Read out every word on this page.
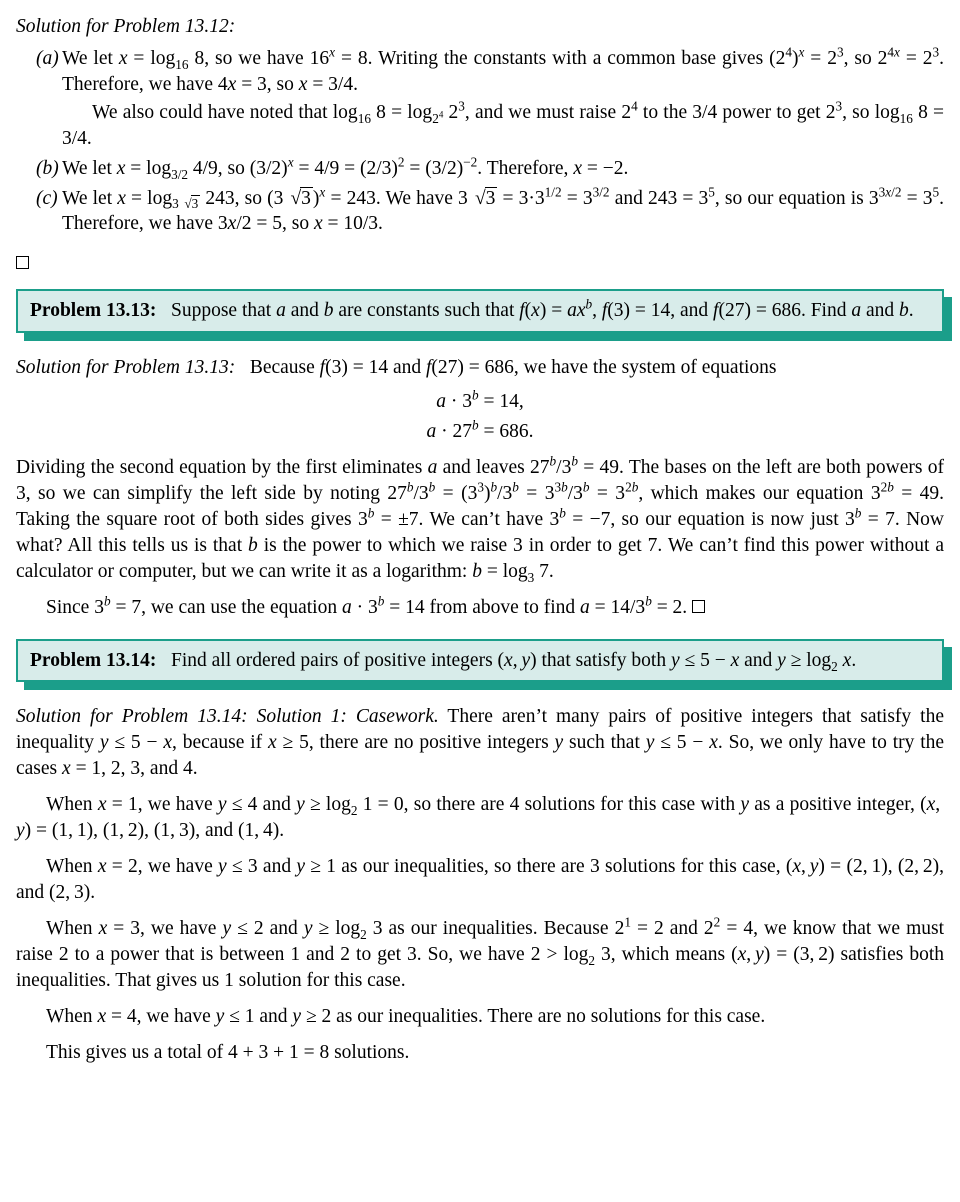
Solution for Problem 13.12:
(a) We let $x = \log_{16} 8$, so we have $16^x = 8$. Writing the constants with a common base gives $(2^4)^x = 2^3$, so $2^{4x} = 2^3$. Therefore, we have 4x = 3, so x = 3/4.

We also could have noted that $\log_{16} 8 = \log_{2^4} 2^3$, and we must raise $2^4$ to the 3/4 power to get $2^3$, so $\log_{16} 8 = 3/4$.

(b) We let $x = \log_{3/2} 4/9$, so $(3/2)^x = 4/9 = (2/3)^2 = (3/2)^{-2}$. Therefore, x = −2.

(c) We let $x = \log_{3 √3} 243$, so (3 √3 )$^x$ = 243. We have 3 $√3 = 3\cdot 3^{1/2} = 3^{3/2}$ and $243 = 3^5$, so our equation is $3^{3x/2} = 3^5$. Therefore, we have 3x/2 = 5, so x = 10/3.

Problem 13.13:   Suppose that a and b are constants such that $f(x) = ax^b$, f(3) = 14, and f(27) = 686. Find a and b.
Solution for Problem 13.13:   Because f(3) = 14 and f(27) = 686, we have the system of equations
$a \cdot 3^b = 14$,
$a \cdot 27^b = 686$.
Dividing the second equation by the first eliminates a and leaves $27^b/3^b = 49$. The bases on the left are both powers of 3, so we can simplify the left side by noting $27^b/3^b = (3^3)^b/3^b = 3^{3b}/3^b = 3^{2b}$, which makes our equation $3^{2b} = 49$. Taking the square root of both sides gives $3^b = \pm 7$. We can’t have $3^b = -7$, so our equation is now just $3^b = 7$. Now what? All this tells us is that b is the power to which we raise 3 in order to get 7. We can’t find this power without a calculator or computer, but we can write it as a logarithm: $b = \log_3 7$.
Since $3^b = 7$, we can use the equation $a \cdot 3^b = 14$ from above to find $a = 14/3^b = 2$.
Problem 13.14:   Find all ordered pairs of positive integers (x, y) that satisfy both y ≤ 5 − x and $y \ge \log_2 x$.
Solution for Problem 13.14: Solution 1: Casework. There aren’t many pairs of positive integers that satisfy the inequality y ≤ 5 − x, because if x ≥ 5, there are no positive integers y such that y ≤ 5 − x. So, we only have to try the cases x = 1, 2, 3, and 4.
When x = 1, we have y ≤ 4 and $y \ge \log_2 1 = 0$, so there are 4 solutions for this case with y as a positive integer, (x, y) = (1, 1), (1, 2), (1, 3), and (1, 4).
When x = 2, we have y ≤ 3 and y ≥ 1 as our inequalities, so there are 3 solutions for this case, (x, y) = (2, 1), (2, 2), and (2, 3).
When x = 3, we have y ≤ 2 and $y \ge \log_2 3$ as our inequalities. Because $2^1 = 2$ and $2^2 = 4$, we know that we must raise 2 to a power that is between 1 and 2 to get 3. So, we have $2 > \log_2 3$, which means (x, y) = (3, 2) satisfies both inequalities. That gives us 1 solution for this case.
When x = 4, we have y ≤ 1 and y ≥ 2 as our inequalities. There are no solutions for this case.
This gives us a total of 4 + 3 + 1 = 8 solutions.
